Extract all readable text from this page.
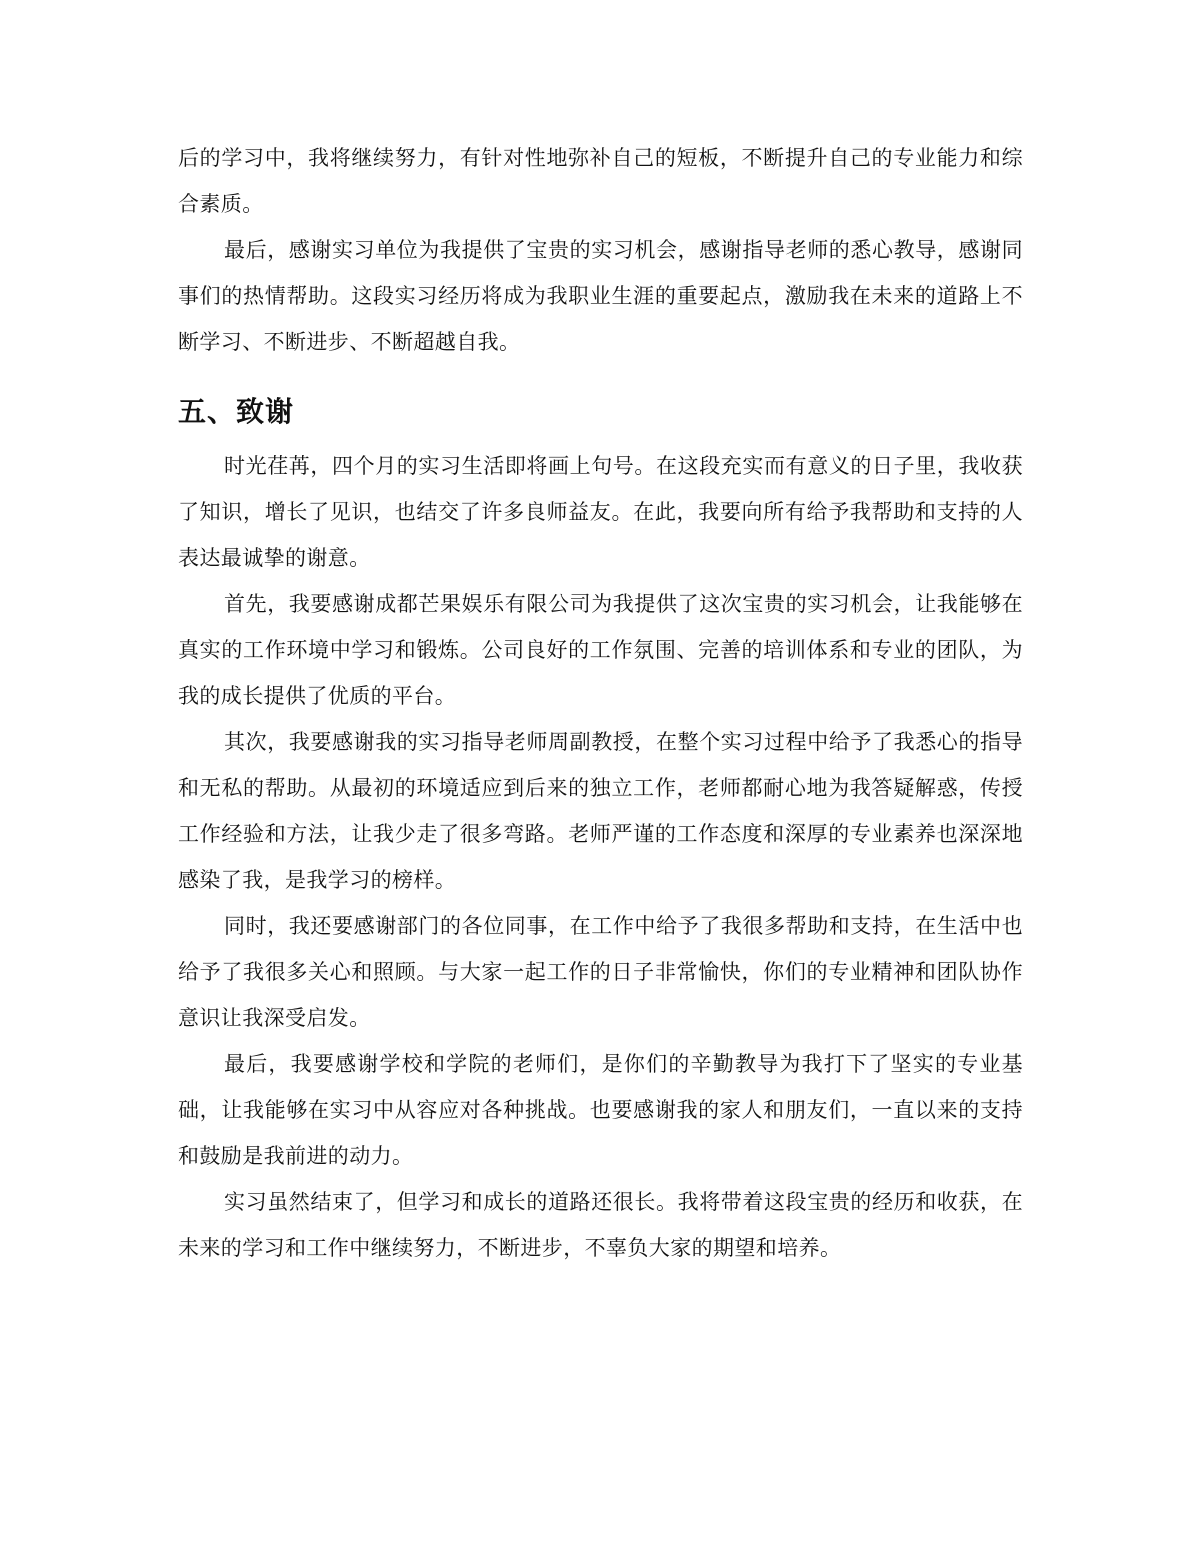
后的学习中，我将继续努力，有针对性地弥补自己的短板，不断提升自己的专业能力和综合素质。

最后，感谢实习单位为我提供了宝贵的实习机会，感谢指导老师的悉心教导，感谢同事们的热情帮助。这段实习经历将成为我职业生涯的重要起点，激励我在未来的道路上不断学习、不断进步、不断超越自我。

五、致谢

时光荏苒，四个月的实习生活即将画上句号。在这段充实而有意义的日子里，我收获了知识，增长了见识，也结交了许多良师益友。在此，我要向所有给予我帮助和支持的人表达最诚挚的谢意。

首先，我要感谢成都芒果娱乐有限公司为我提供了这次宝贵的实习机会，让我能够在真实的工作环境中学习和锻炼。公司良好的工作氛围、完善的培训体系和专业的团队，为我的成长提供了优质的平台。

其次，我要感谢我的实习指导老师周副教授，在整个实习过程中给予了我悉心的指导和无私的帮助。从最初的环境适应到后来的独立工作，老师都耐心地为我答疑解惑，传授工作经验和方法，让我少走了很多弯路。老师严谨的工作态度和深厚的专业素养也深深地感染了我，是我学习的榜样。

同时，我还要感谢部门的各位同事，在工作中给予了我很多帮助和支持，在生活中也给予了我很多关心和照顾。与大家一起工作的日子非常愉快，你们的专业精神和团队协作意识让我深受启发。

最后，我要感谢学校和学院的老师们，是你们的辛勤教导为我打下了坚实的专业基础，让我能够在实习中从容应对各种挑战。也要感谢我的家人和朋友们，一直以来的支持和鼓励是我前进的动力。

实习虽然结束了，但学习和成长的道路还很长。我将带着这段宝贵的经历和收获，在未来的学习和工作中继续努力，不断进步，不辜负大家的期望和培养。
